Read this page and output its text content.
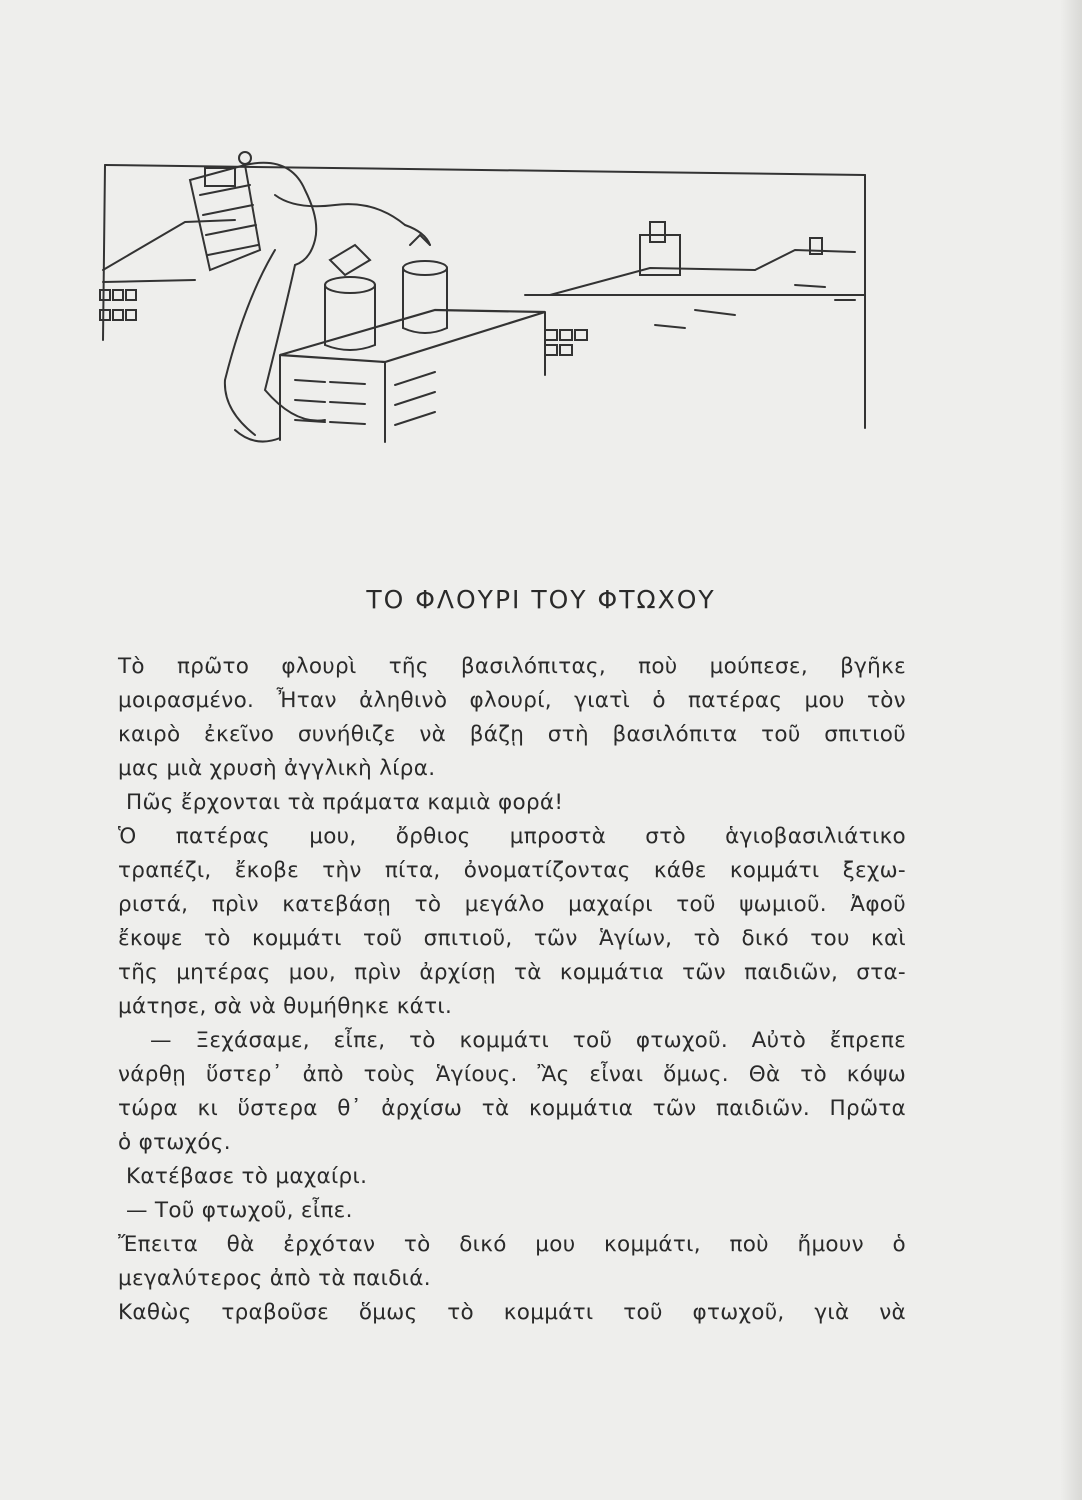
ΤΟ ΦΛΟΥΡΙ ΤΟΥ ΦΤΩΧΟΥ
Τὸ πρῶτο φλουρὶ τῆς βασιλόπιτας, ποὺ μούπεσε, βγῆκε
μοιρασμένο. Ἦταν ἀληθινὸ φλουρί, γιατὶ ὁ πατέρας μου τὸν
καιρὸ ἐκεῖνο συνήθιζε νὰ βάζῃ στὴ βασιλόπιτα τοῦ σπιτιοῦ
μας μιὰ χρυσὴ ἀγγλικὴ λίρα.
Πῶς ἔρχονται τὰ πράματα καμιὰ φορά!
Ὁ πατέρας μου, ὄρθιος μπροστὰ στὸ ἁγιοβασιλιάτικο
τραπέζι, ἔκοβε τὴν πίτα, ὀνοματίζοντας κάθε κομμάτι ξεχω-
ριστά, πρὶν κατεβάσῃ τὸ μεγάλο μαχαίρι τοῦ ψωμιοῦ. Ἀφοῦ
ἔκοψε τὸ κομμάτι τοῦ σπιτιοῦ, τῶν Ἁγίων, τὸ δικό του καὶ
τῆς μητέρας μου, πρὶν ἀρχίσῃ τὰ κομμάτια τῶν παιδιῶν, στα-
μάτησε, σὰ νὰ θυμήθηκε κάτι.
— Ξεχάσαμε, εἶπε, τὸ κομμάτι τοῦ φτωχοῦ. Αὐτὸ ἔπρεπε
νάρθῃ ὕστερ᾿ ἀπὸ τοὺς Ἁγίους. Ἂς εἶναι ὅμως. Θὰ τὸ κόψω
τώρα κι ὕστερα θ᾿ ἀρχίσω τὰ κομμάτια τῶν παιδιῶν. Πρῶτα
ὁ φτωχός.
Κατέβασε τὸ μαχαίρι.
— Τοῦ φτωχοῦ, εἶπε.
Ἔπειτα θὰ ἐρχόταν τὸ δικό μου κομμάτι, ποὺ ἤμουν ὁ
μεγαλύτερος ἀπὸ τὰ παιδιά.
Καθὼς τραβοῦσε ὅμως τὸ κομμάτι τοῦ φτωχοῦ, γιὰ νὰ
